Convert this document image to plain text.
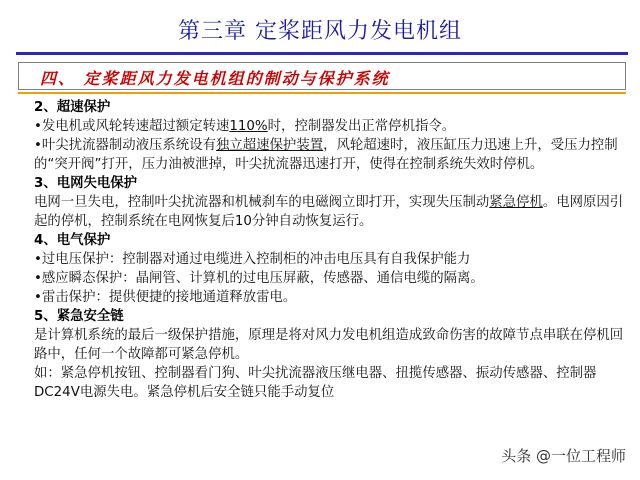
第三章 定桨距风力发电机组
四、 定桨距风力发电机组的制动与保护系统

2、超速保护

•发电机或风轮转速超过额定转速110%时，控制器发出正常停机指令。

•叶尖扰流器制动液压系统设有独立超速保护装置，风轮超速时，液压缸压力迅速上升，受压力控制的“突开阀”打开，压力油被泄掉，叶尖扰流器迅速打开，使得在控制系统失效时停机。

3、电网失电保护

电网一旦失电，控制叶尖扰流器和机械刹车的电磁阀立即打开，实现失压制动紧急停机。电网原因引起的停机，控制系统在电网恢复后10分钟自动恢复运行。

4、电气保护

•过电压保护：控制器对通过电缆进入控制柜的冲击电压具有自我保护能力

•感应瞬态保护：晶闸管、计算机的过电压屏蔽，传感器、通信电缆的隔离。

•雷击保护：提供便捷的接地通道释放雷电。

5、紧急安全链

是计算机系统的最后一级保护措施，原理是将对风力发电机组造成致命伤害的故障节点串联在停机回路中，任何一个故障都可紧急停机。

如：紧急停机按钮、控制器看门狗、叶尖扰流器液压继电器、扭揽传感器、振动传感器、控制器DC24V电源失电。紧急停机后安全链只能手动复位

头条 @一位工程师
